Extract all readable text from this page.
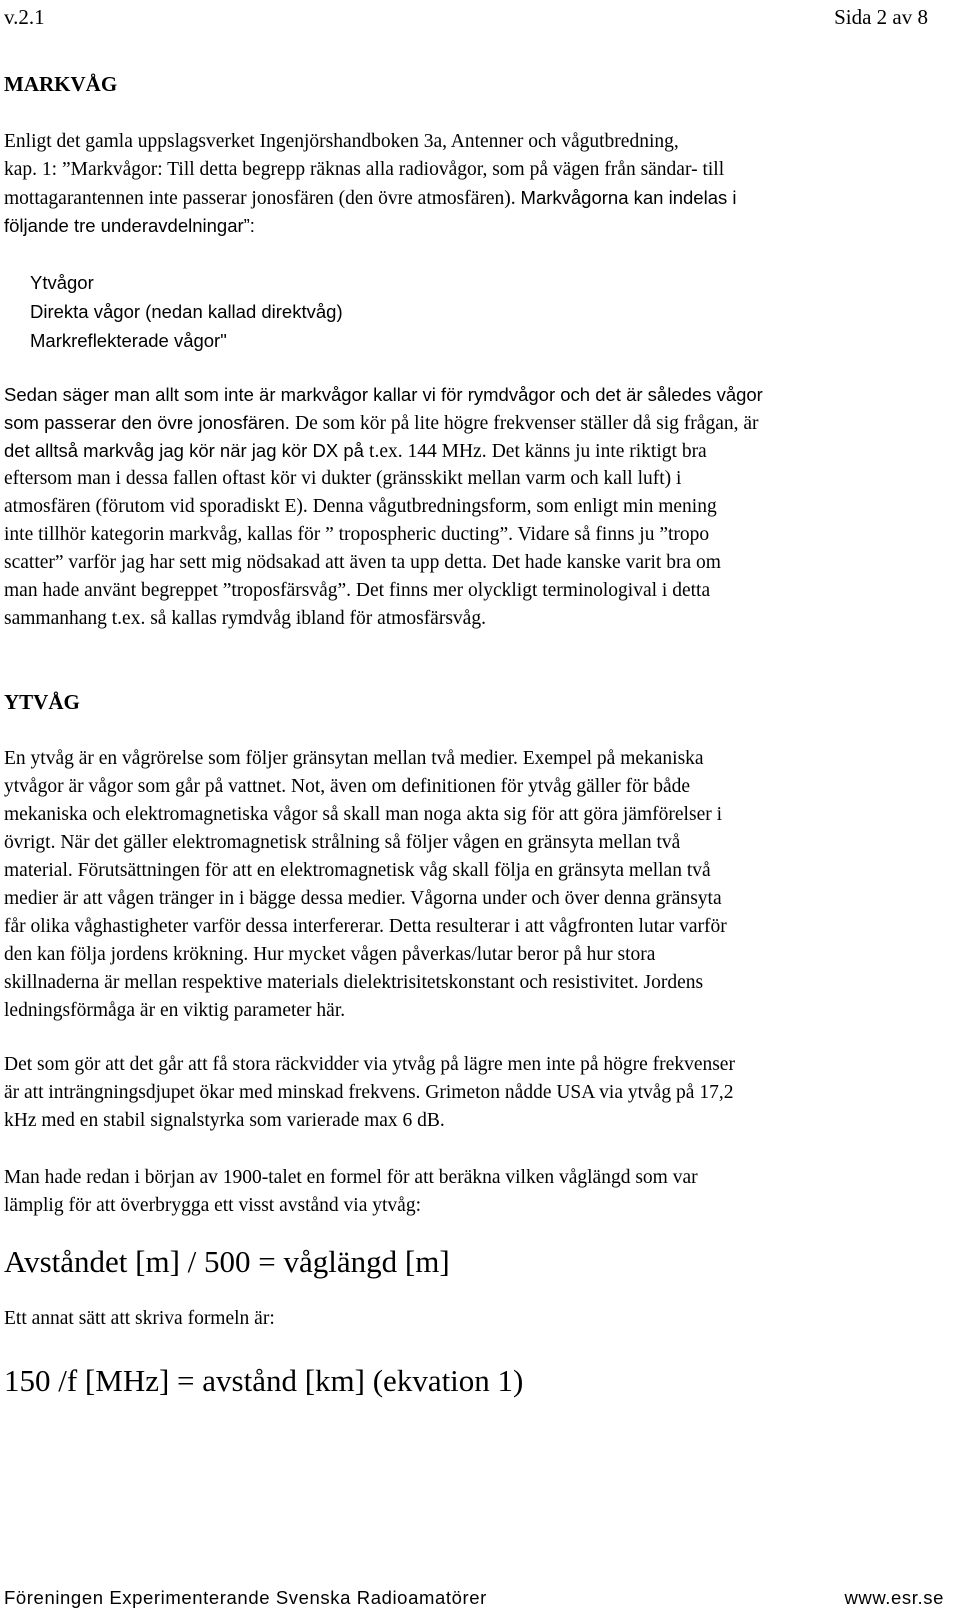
v.2.1	Sida 2 av 8
MARKVÅG
Enligt det gamla uppslagsverket Ingenjörshandboken 3a, Antenner och vågutbredning,
kap. 1: ”Markvågor: Till detta begrepp räknas alla radiovågor, som på vägen från sändar- till
mottagarantennen inte passerar jonosfären (den övre atmosfären). Markvågorna kan indelas i
följande tre underavdelningar”:
Ytvågor
Direkta vågor (nedan kallad direktvåg)
Markreflekterade vågor"
Sedan säger man allt som inte är markvågor kallar vi för rymdvågor och det är således vågor
som passerar den övre jonosfären. De som kör på lite högre frekvenser ställer då sig frågan, är
det alltså markvåg jag kör när jag kör DX på t.ex. 144 MHz. Det känns ju inte riktigt bra
eftersom man i dessa fallen oftast kör vi dukter (gränsskikt mellan varm och kall luft) i
atmosfären (förutom vid sporadiskt E). Denna vågutbredningsform, som enligt min mening
inte tillhör kategorin markvåg, kallas för ” tropospheric ducting”. Vidare så finns ju ”tropo
scatter” varför jag har sett mig nödsakad att även ta upp detta. Det hade kanske varit bra om
man hade använt begreppet ”troposfärsvåg”. Det finns mer olyckligt terminologival i detta
sammanhang t.ex. så kallas rymdvåg ibland för atmosfärsvåg.
YTVÅG
En ytvåg är en vågrörelse som följer gränsytan mellan två medier. Exempel på mekaniska
ytvågor är vågor som går på vattnet. Not, även om definitionen för ytvåg gäller för både
mekaniska och elektromagnetiska vågor så skall man noga akta sig för att göra jämförelser i
övrigt. När det gäller elektromagnetisk strålning så följer vågen en gränsyta mellan två
material. Förutsättningen för att en elektromagnetisk våg skall följa en gränsyta mellan två
medier är att vågen tränger in i bägge dessa medier. Vågorna under och över denna gränsyta
får olika våghastigheter varför dessa interfererar. Detta resulterar i att vågfronten lutar varför
den kan följa jordens krökning. Hur mycket vågen påverkas/lutar beror på hur stora
skillnaderna är mellan respektive materials dielektrisitetskonstant och resistivitet. Jordens
ledningsförmåga är en viktig parameter här.
Det som gör att det går att få stora räckvidder via ytvåg på lägre men inte på högre frekvenser
är att inträngningsdjupet ökar med minskad frekvens. Grimeton nådde USA via ytvåg på 17,2
kHz med en stabil signalstyrka som varierade max 6 dB.
Man hade redan i början av 1900-talet en formel för att beräkna vilken våglängd som var
lämplig för att överbrygga ett visst avstånd via ytvåg:
Avståndet [m] / 500 = våglängd [m]
Ett annat sätt att skriva formeln är:
150 /f [MHz] = avstånd [km] (ekvation 1)
Föreningen Experimenterande Svenska Radioamatörer	www.esr.se
